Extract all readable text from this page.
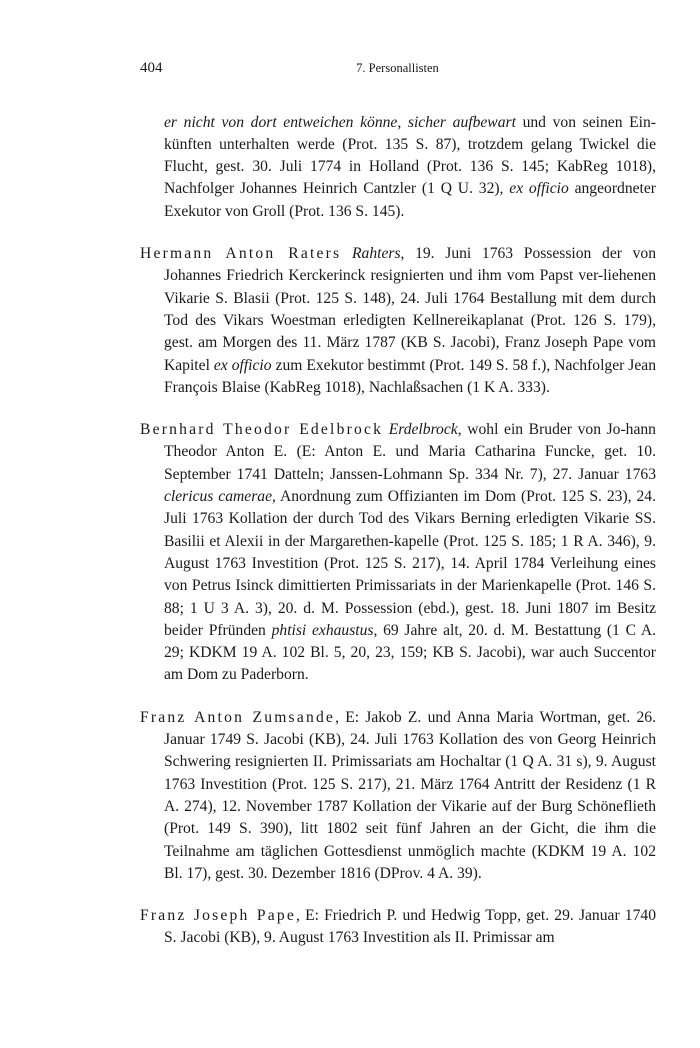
404	7. Personallisten

er nicht von dort entweichen könne, sicher aufbewart und von seinen Ein-künften unterhalten werde (Prot. 135 S. 87), trotzdem gelang Twickel die Flucht, gest. 30. Juli 1774 in Holland (Prot. 136 S. 145; KabReg 1018), Nachfolger Johannes Heinrich Cantzler (1 Q U. 32), ex officio angeordneter Exekutor von Groll (Prot. 136 S. 145).

Hermann Anton Raters Rahters, 19. Juni 1763 Possession der von Johannes Friedrich Kerckerinck resignierten und ihm vom Papst ver-liehenen Vikarie S. Blasii (Prot. 125 S. 148), 24. Juli 1764 Bestallung mit dem durch Tod des Vikars Woestman erledigten Kellnereikaplanat (Prot. 126 S. 179), gest. am Morgen des 11. März 1787 (KB S. Jacobi), Franz Joseph Pape vom Kapitel ex officio zum Exekutor bestimmt (Prot. 149 S. 58 f.), Nachfolger Jean François Blaise (KabReg 1018), Nachlaßsachen (1 K A. 333).

Bernhard Theodor Edelbrock Erdelbrock, wohl ein Bruder von Jo-hann Theodor Anton E. (E: Anton E. und Maria Catharina Funcke, get. 10. September 1741 Datteln; Janssen-Lohmann Sp. 334 Nr. 7), 27. Januar 1763 clericus camerae, Anordnung zum Offizianten im Dom (Prot. 125 S. 23), 24. Juli 1763 Kollation der durch Tod des Vikars Berning erledigten Vikarie SS. Basilii et Alexii in der Margarethen-kapelle (Prot. 125 S. 185; 1 R A. 346), 9. August 1763 Investition (Prot. 125 S. 217), 14. April 1784 Verleihung eines von Petrus Isinck dimittierten Primissariats in der Marienkapelle (Prot. 146 S. 88; 1 U 3 A. 3), 20. d. M. Possession (ebd.), gest. 18. Juni 1807 im Besitz beider Pfründen phtisi exhaustus, 69 Jahre alt, 20. d. M. Bestattung (1 C A. 29; KDKM 19 A. 102 Bl. 5, 20, 23, 159; KB S. Jacobi), war auch Succentor am Dom zu Paderborn.

Franz Anton Zumsande, E: Jakob Z. und Anna Maria Wortman, get. 26. Januar 1749 S. Jacobi (KB), 24. Juli 1763 Kollation des von Georg Heinrich Schwering resignierten II. Primissariats am Hochaltar (1 Q A. 31 s), 9. August 1763 Investition (Prot. 125 S. 217), 21. März 1764 Antritt der Residenz (1 R A. 274), 12. November 1787 Kollation der Vikarie auf der Burg Schöneflieth (Prot. 149 S. 390), litt 1802 seit fünf Jahren an der Gicht, die ihm die Teilnahme am täglichen Gottesdienst unmöglich machte (KDKM 19 A. 102 Bl. 17), gest. 30. Dezember 1816 (DProv. 4 A. 39).

Franz Joseph Pape, E: Friedrich P. und Hedwig Topp, get. 29. Januar 1740 S. Jacobi (KB), 9. August 1763 Investition als II. Primissar am
